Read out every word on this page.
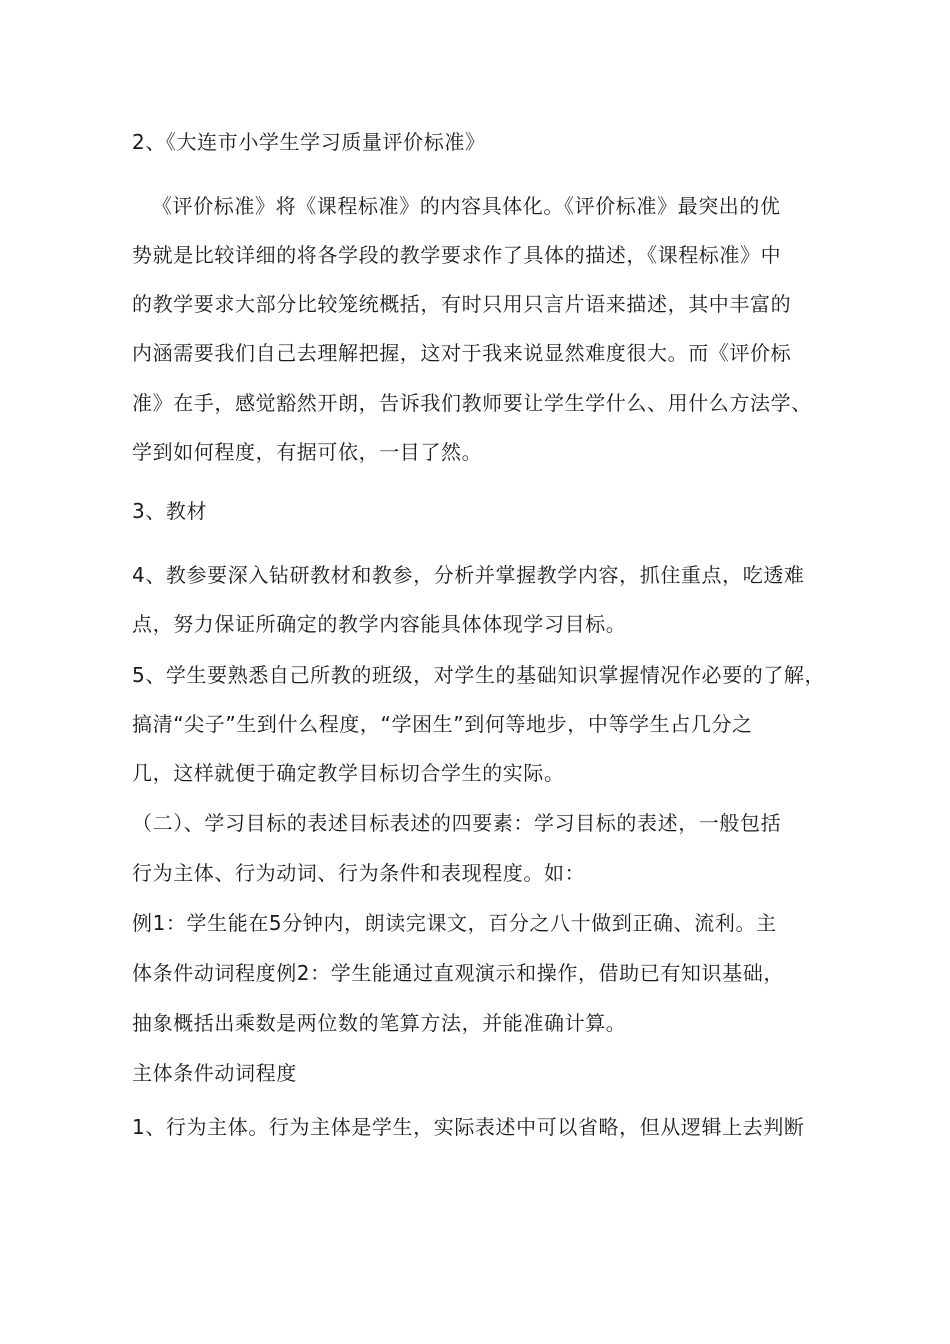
2、《大连市小学生学习质量评价标准》
《评价标准》将《课程标准》的内容具体化。《评价标准》最突出的优
势就是比较详细的将各学段的教学要求作了具体的描述，《课程标准》中
的教学要求大部分比较笼统概括，有时只用只言片语来描述，其中丰富的
内涵需要我们自己去理解把握，这对于我来说显然难度很大。而《评价标
准》在手，感觉豁然开朗，告诉我们教师要让学生学什么、用什么方法学、
学到如何程度，有据可依，一目了然。
3、教材
4、教参要深入钻研教材和教参，分析并掌握教学内容，抓住重点，吃透难
点，努力保证所确定的教学内容能具体体现学习目标。
5、学生要熟悉自己所教的班级，对学生的基础知识掌握情况作必要的了解，
搞清“尖子”生到什么程度，“学困生”到何等地步，中等学生占几分之
几，这样就便于确定教学目标切合学生的实际。
（二）、学习目标的表述目标表述的四要素：学习目标的表述，一般包括
行为主体、行为动词、行为条件和表现程度。如：
例1：学生能在5分钟内，朗读完课文，百分之八十做到正确、流利。主
体条件动词程度例2：学生能通过直观演示和操作，借助已有知识基础，
抽象概括出乘数是两位数的笔算方法，并能准确计算。
主体条件动词程度
1、行为主体。行为主体是学生，实际表述中可以省略，但从逻辑上去判断
